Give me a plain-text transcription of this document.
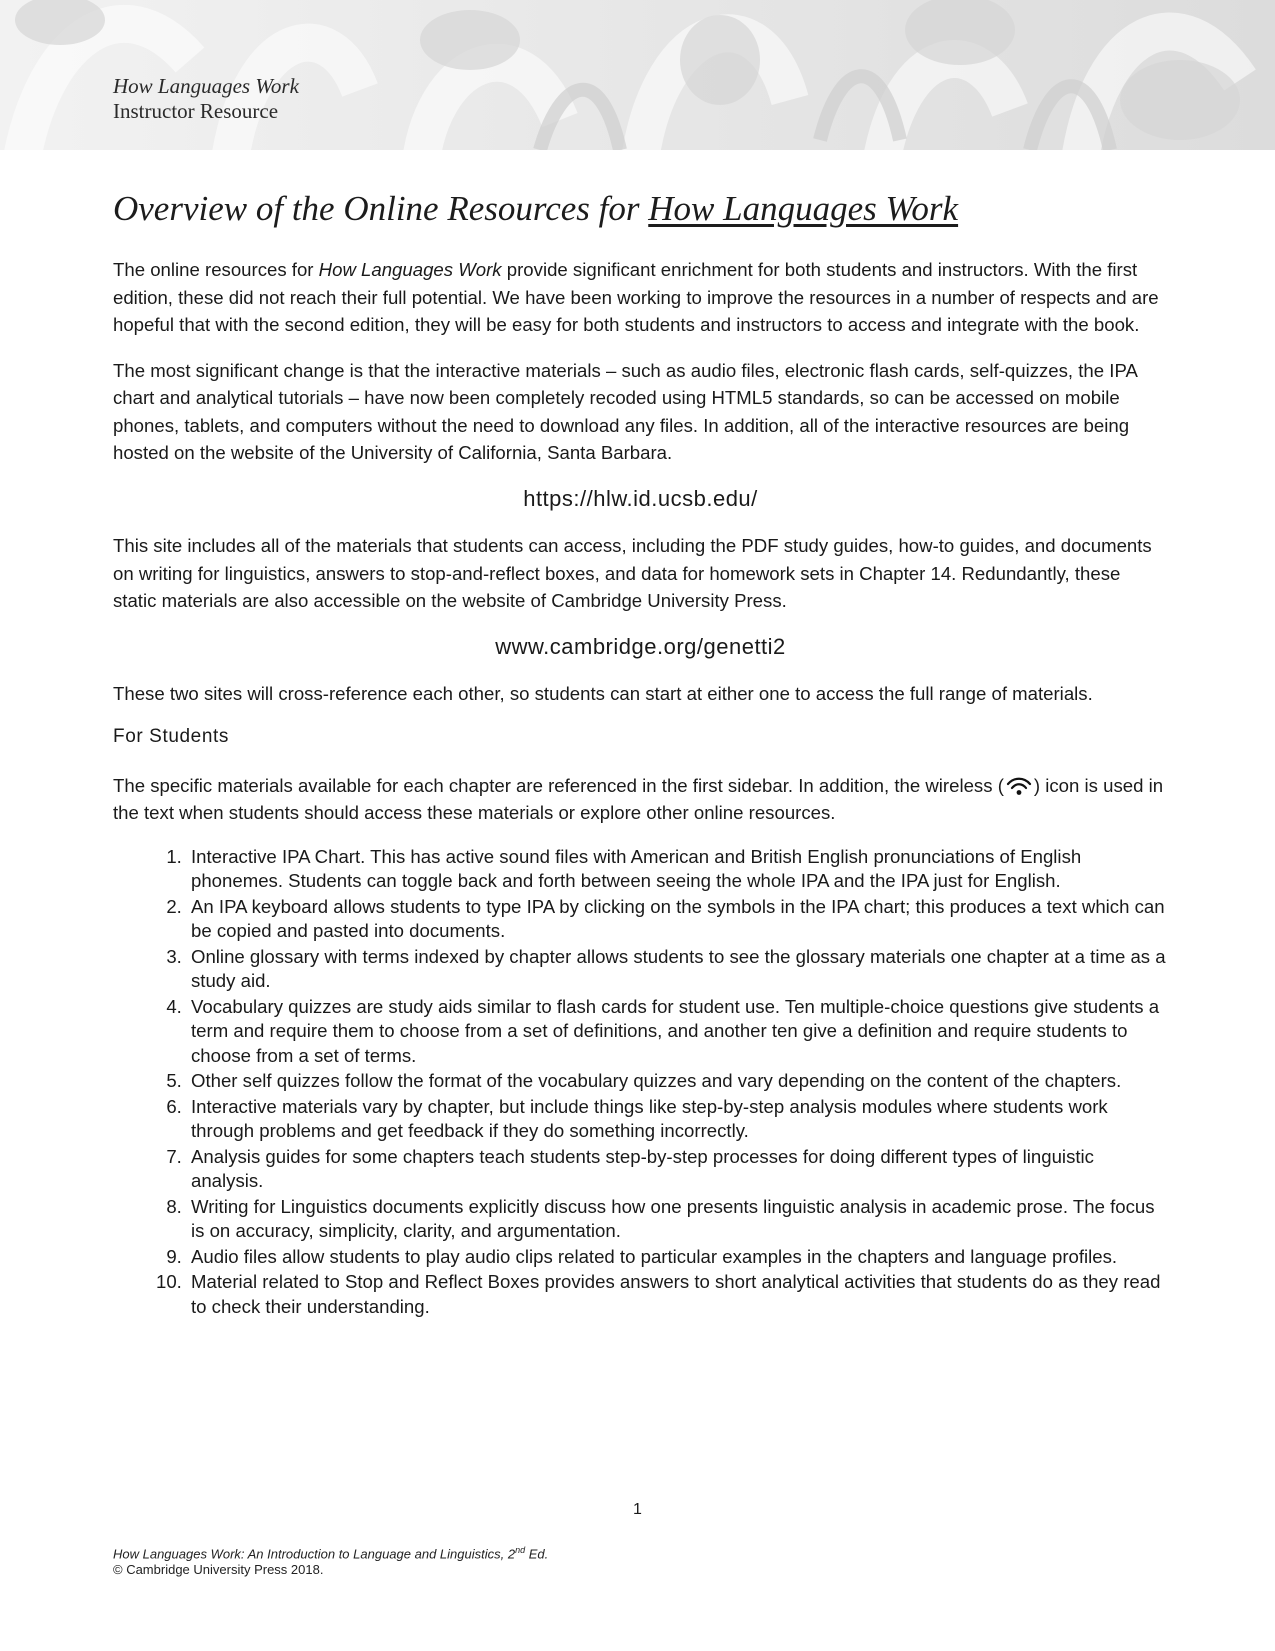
How Languages Work
Instructor Resource
Overview of the Online Resources for How Languages Work

The online resources for How Languages Work provide significant enrichment for both students and instructors. With the first edition, these did not reach their full potential. We have been working to improve the resources in a number of respects and are hopeful that with the second edition, they will be easy for both students and instructors to access and integrate with the book.

The most significant change is that the interactive materials – such as audio files, electronic flash cards, self-quizzes, the IPA chart and analytical tutorials – have now been completely recoded using HTML5 standards, so can be accessed on mobile phones, tablets, and computers without the need to download any files. In addition, all of the interactive resources are being hosted on the website of the University of California, Santa Barbara.

https://hlw.id.ucsb.edu/

This site includes all of the materials that students can access, including the PDF study guides, how-to guides, and documents on writing for linguistics, answers to stop-and-reflect boxes, and data for homework sets in Chapter 14. Redundantly, these static materials are also accessible on the website of Cambridge University Press.

www.cambridge.org/genetti2

These two sites will cross-reference each other, so students can start at either one to access the full range of materials.

For Students

The specific materials available for each chapter are referenced in the first sidebar. In addition, the wireless ( ) icon is used in the text when students should access these materials or explore other online resources.

1. Interactive IPA Chart. This has active sound files with American and British English pronunciations of English phonemes. Students can toggle back and forth between seeing the whole IPA and the IPA just for English.
2. An IPA keyboard allows students to type IPA by clicking on the symbols in the IPA chart; this produces a text which can be copied and pasted into documents.
3. Online glossary with terms indexed by chapter allows students to see the glossary materials one chapter at a time as a study aid.
4. Vocabulary quizzes are study aids similar to flash cards for student use. Ten multiple-choice questions give students a term and require them to choose from a set of definitions, and another ten give a definition and require students to choose from a set of terms.
5. Other self quizzes follow the format of the vocabulary quizzes and vary depending on the content of the chapters.
6. Interactive materials vary by chapter, but include things like step-by-step analysis modules where students work through problems and get feedback if they do something incorrectly.
7. Analysis guides for some chapters teach students step-by-step processes for doing different types of linguistic analysis.
8. Writing for Linguistics documents explicitly discuss how one presents linguistic analysis in academic prose. The focus is on accuracy, simplicity, clarity, and argumentation.
9. Audio files allow students to play audio clips related to particular examples in the chapters and language profiles.
10. Material related to Stop and Reflect Boxes provides answers to short analytical activities that students do as they read to check their understanding.
1
How Languages Work: An Introduction to Language and Linguistics, 2nd Ed.
© Cambridge University Press 2018.
